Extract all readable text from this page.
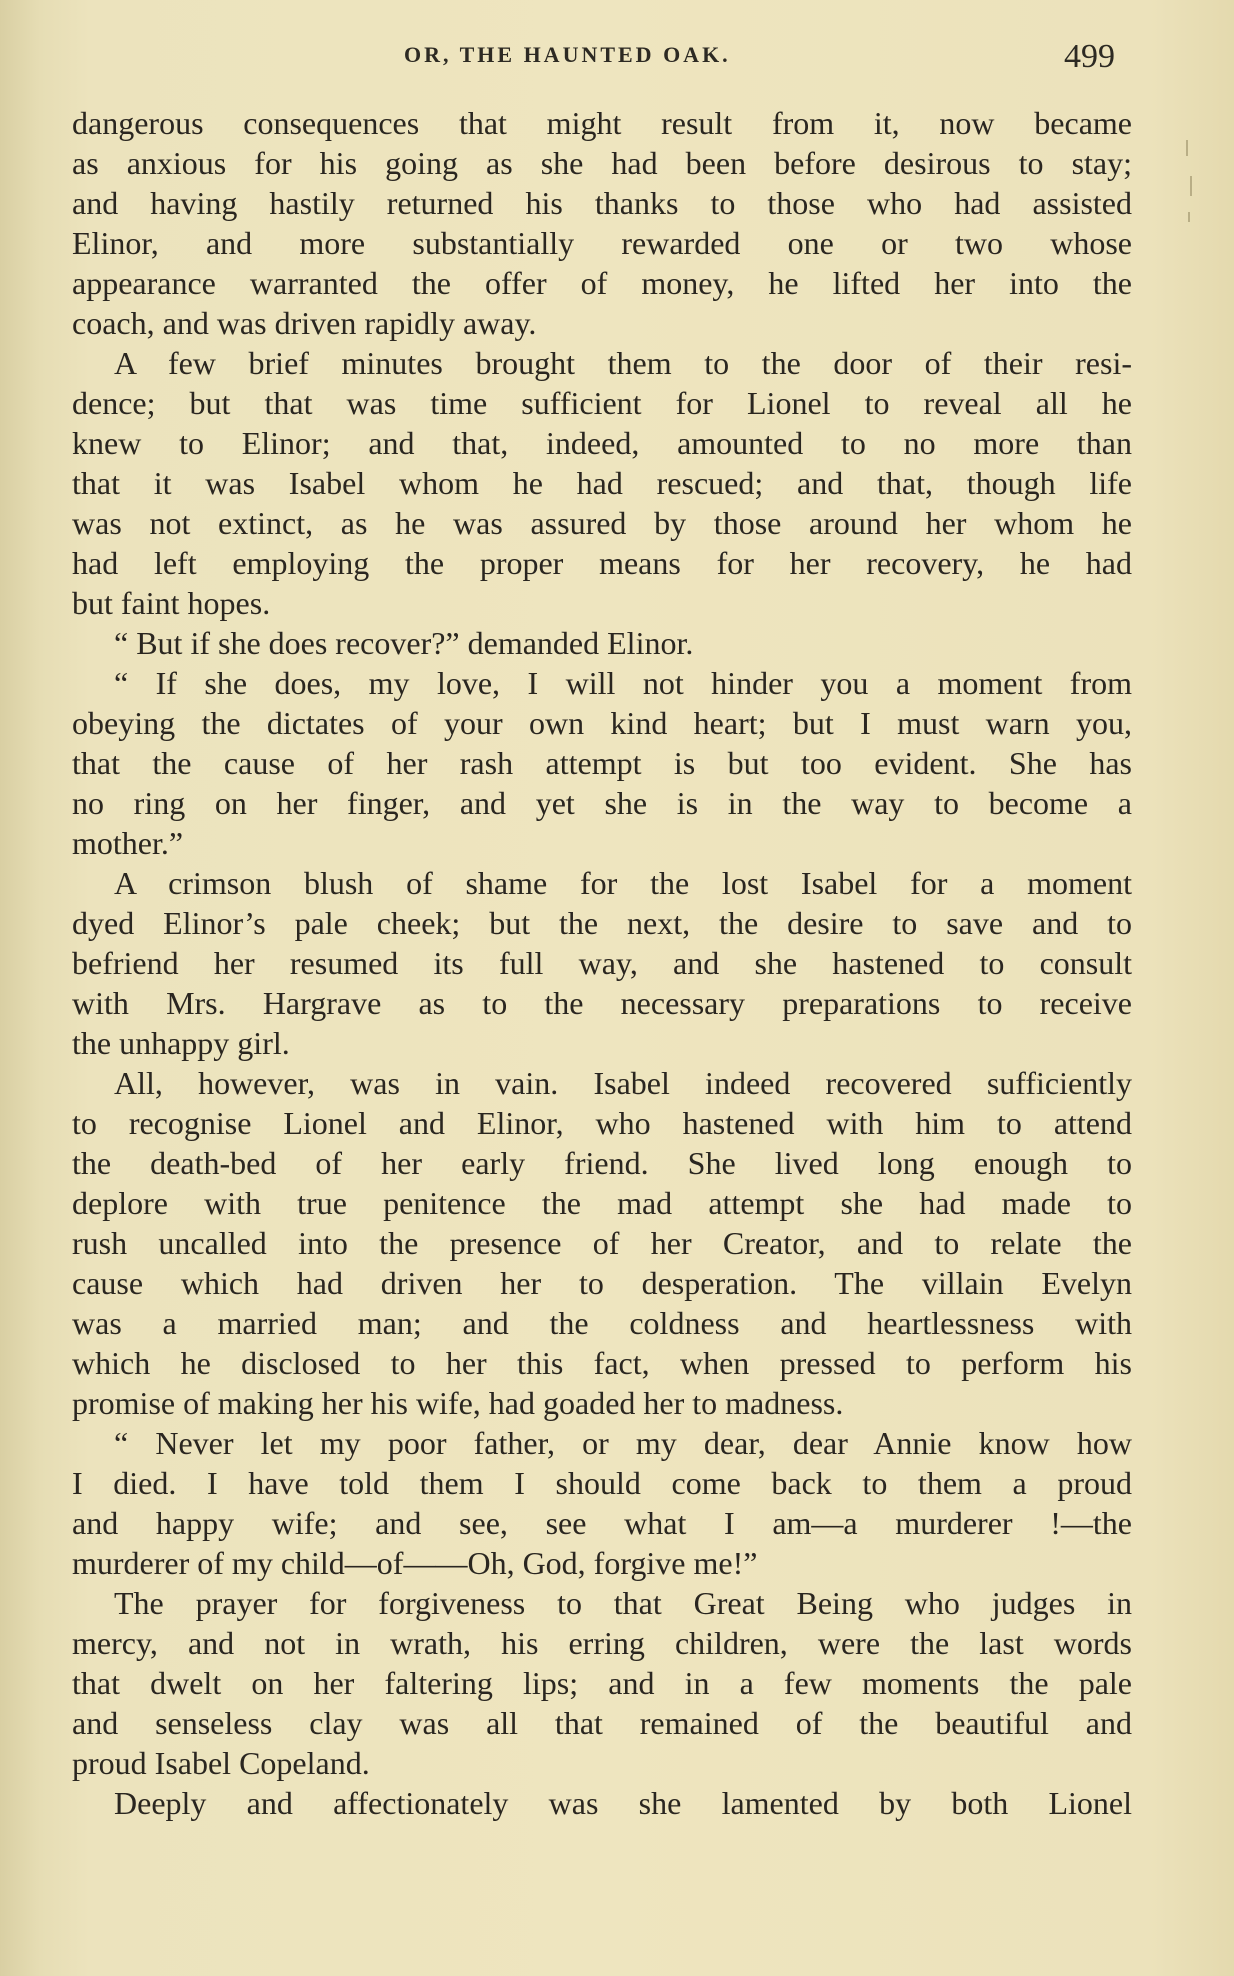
OR, THE HAUNTED OAK.	499
dangerous consequences that might result from it, now became
as anxious for his going as she had been before desirous to stay;
and having hastily returned his thanks to those who had assisted
Elinor, and more substantially rewarded one or two whose
appearance warranted the offer of money, he lifted her into the
coach, and was driven rapidly away.
A few brief minutes brought them to the door of their resi-
dence; but that was time sufficient for Lionel to reveal all he
knew to Elinor; and that, indeed, amounted to no more than
that it was Isabel whom he had rescued; and that, though life
was not extinct, as he was assured by those around her whom he
had left employing the proper means for her recovery, he had
but faint hopes.
“ But if she does recover?” demanded Elinor.
“ If she does, my love, I will not hinder you a moment from
obeying the dictates of your own kind heart; but I must warn you,
that the cause of her rash attempt is but too evident. She has
no ring on her finger, and yet she is in the way to become a
mother.”
A crimson blush of shame for the lost Isabel for a moment
dyed Elinor’s pale cheek; but the next, the desire to save and to
befriend her resumed its full way, and she hastened to consult
with Mrs. Hargrave as to the necessary preparations to receive
the unhappy girl.
All, however, was in vain. Isabel indeed recovered sufficiently
to recognise Lionel and Elinor, who hastened with him to attend
the death-bed of her early friend. She lived long enough to
deplore with true penitence the mad attempt she had made to
rush uncalled into the presence of her Creator, and to relate the
cause which had driven her to desperation. The villain Evelyn
was a married man; and the coldness and heartlessness with
which he disclosed to her this fact, when pressed to perform his
promise of making her his wife, had goaded her to madness.
“ Never let my poor father, or my dear, dear Annie know how
I died. I have told them I should come back to them a proud
and happy wife; and see, see what I am—a murderer !—the
murderer of my child—of——Oh, God, forgive me!”
The prayer for forgiveness to that Great Being who judges in
mercy, and not in wrath, his erring children, were the last words
that dwelt on her faltering lips; and in a few moments the pale
and senseless clay was all that remained of the beautiful and
proud Isabel Copeland.
Deeply and affectionately was she lamented by both Lionel
